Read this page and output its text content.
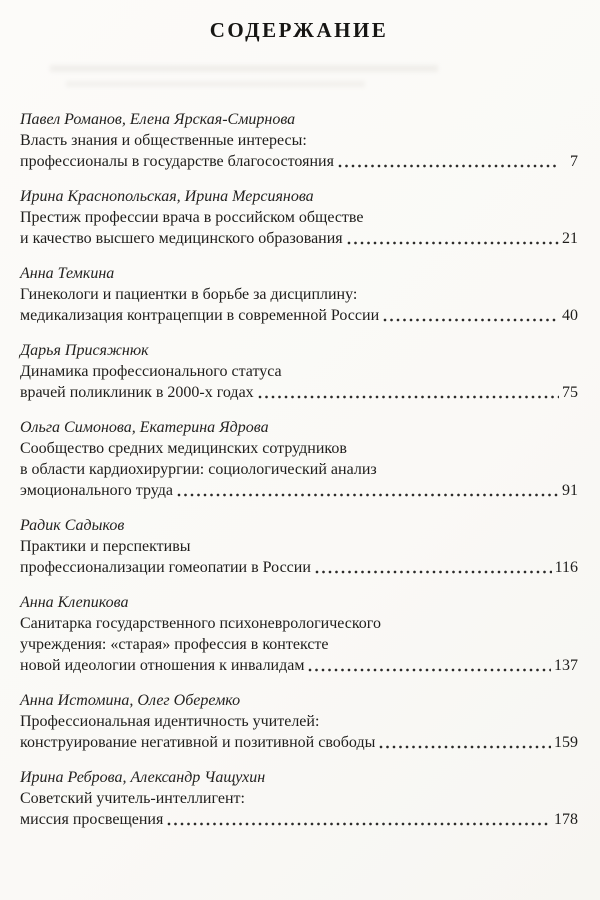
СОДЕРЖАНИЕ
Павел Романов, Елена Ярская-Смирнова
Власть знания и общественные интересы:
профессионалы в государстве благосостояния	7
Ирина Краснопольская, Ирина Мерсиянова
Престиж профессии врача в российском обществе
и качество высшего медицинского образования	21
Анна Темкина
Гинекологи и пациентки в борьбе за дисциплину:
медикализация контрацепции в современной России	40
Дарья Присяжнюк
Динамика профессионального статуса
врачей поликлиник в 2000-х годах	75
Ольга Симонова, Екатерина Ядрова
Сообщество средних медицинских сотрудников
в области кардиохирургии: социологический анализ
эмоционального труда	91
Радик Садыков
Практики и перспективы
профессионализации гомеопатии в России	116
Анна Клепикова
Санитарка государственного психоневрологического
учреждения: «старая» профессия в контексте
новой идеологии отношения к инвалидам	137
Анна Истомина, Олег Оберемко
Профессиональная идентичность учителей:
конструирование негативной и позитивной свободы	159
Ирина Реброва, Александр Чащухин
Советский учитель-интеллигент:
миссия просвещения	178
